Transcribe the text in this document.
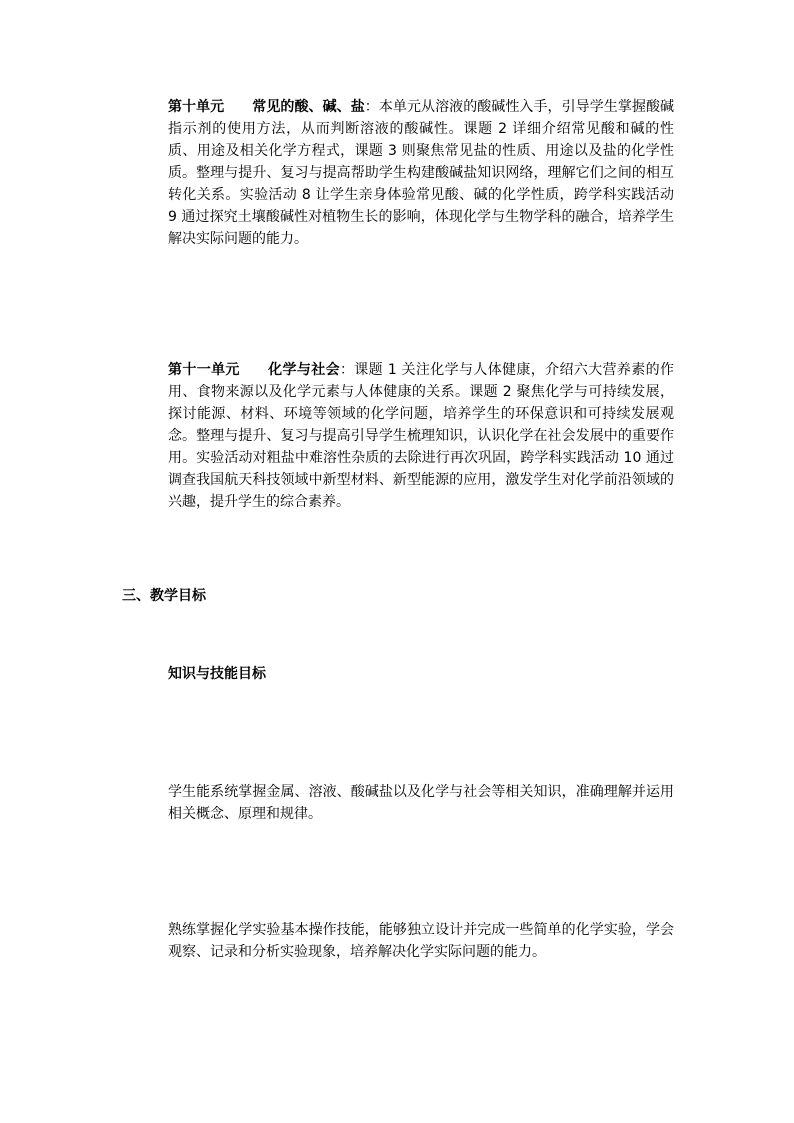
第十单元 常见的酸、碱、盐：本单元从溶液的酸碱性入手，引导学生掌握酸碱指示剂的使用方法，从而判断溶液的酸碱性。课题 2 详细介绍常见酸和碱的性质、用途及相关化学方程式，课题 3 则聚焦常见盐的性质、用途以及盐的化学性质。整理与提升、复习与提高帮助学生构建酸碱盐知识网络，理解它们之间的相互转化关系。实验活动 8 让学生亲身体验常见酸、碱的化学性质，跨学科实践活动 9 通过探究土壤酸碱性对植物生长的影响，体现化学与生物学科的融合，培养学生解决实际问题的能力。

第十一单元 化学与社会：课题 1 关注化学与人体健康，介绍六大营养素的作用、食物来源以及化学元素与人体健康的关系。课题 2 聚焦化学与可持续发展，探讨能源、材料、环境等领域的化学问题，培养学生的环保意识和可持续发展观念。整理与提升、复习与提高引导学生梳理知识，认识化学在社会发展中的重要作用。实验活动对粗盐中难溶性杂质的去除进行再次巩固，跨学科实践活动 10 通过调查我国航天科技领域中新型材料、新型能源的应用，激发学生对化学前沿领域的兴趣，提升学生的综合素养。

三、教学目标
知识与技能目标

学生能系统掌握金属、溶液、酸碱盐以及化学与社会等相关知识，准确理解并运用相关概念、原理和规律。

熟练掌握化学实验基本操作技能，能够独立设计并完成一些简单的化学实验，学会观察、记录和分析实验现象，培养解决化学实际问题的能力。
